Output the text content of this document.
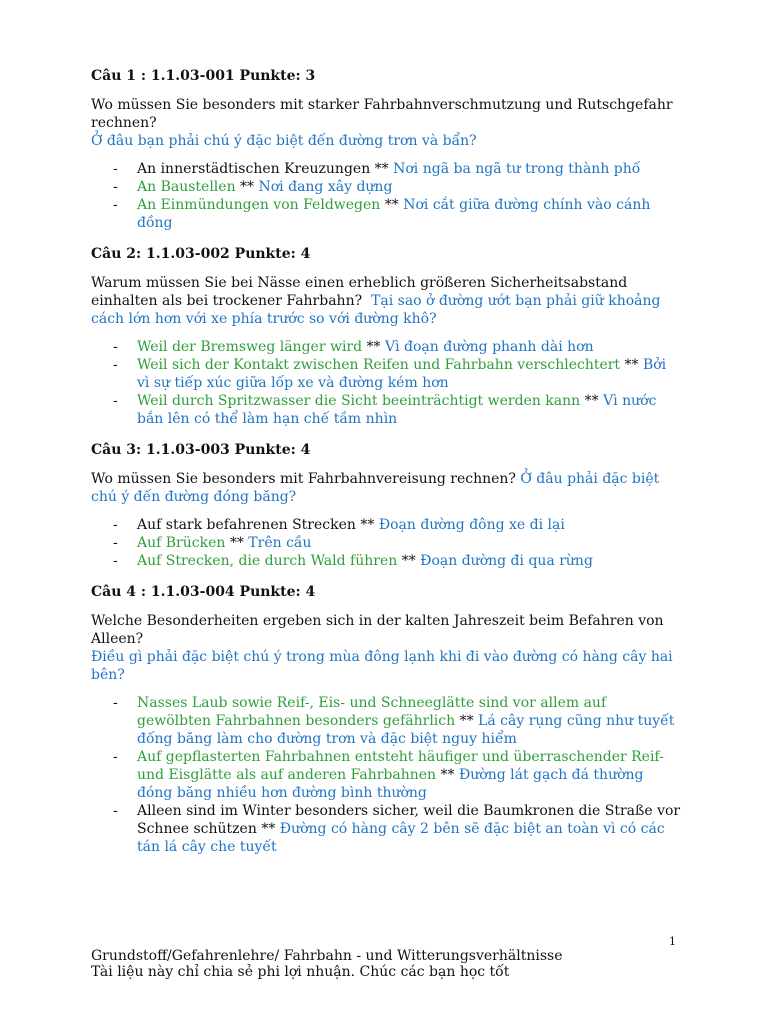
Câu 1 : 1.1.03-001 Punkte: 3

Wo müssen Sie besonders mit starker Fahrbahnverschmutzung und Rutschgefahr rechnen?
Ở đâu bạn phải chú ý đặc biệt đến đường trơn và bẩn?

- An innerstädtischen Kreuzungen ** Nơi ngã ba ngã tư trong thành phố
- An Baustellen ** Nơi đang xây dựng
- An Einmündungen von Feldwegen ** Nơi cắt giữa đường chính vào cánh đồng

Câu 2: 1.1.03-002 Punkte: 4

Warum müssen Sie bei Nässe einen erheblich größeren Sicherheitsabstand einhalten als bei trockener Fahrbahn? Tại sao ở đường ướt bạn phải giữ khoảng cách lớn hơn với xe phía trước so với đường khô?

- Weil der Bremsweg länger wird ** Vì đoạn đường phanh dài hơn
- Weil sich der Kontakt zwischen Reifen und Fahrbahn verschlechtert ** Bởi vì sự tiếp xúc giữa lốp xe và đường kém hơn
- Weil durch Spritzwasser die Sicht beeinträchtigt werden kann ** Vì nước bắn lên có thể làm hạn chế tầm nhìn

Câu 3: 1.1.03-003 Punkte: 4

Wo müssen Sie besonders mit Fahrbahnvereisung rechnen? Ở đâu phải đặc biệt chú ý đến đường đóng băng?

- Auf stark befahrenen Strecken ** Đoạn đường đông xe đi lại
- Auf Brücken ** Trên cầu
- Auf Strecken, die durch Wald führen ** Đoạn đường đi qua rừng

Câu 4 : 1.1.03-004 Punkte: 4

Welche Besonderheiten ergeben sich in der kalten Jahreszeit beim Befahren von Alleen?
Điều gì phải đặc biệt chú ý trong mùa đông lạnh khi đi vào đường có hàng cây hai bên?

- Nasses Laub sowie Reif-, Eis- und Schneeglätte sind vor allem auf gewölbten Fahrbahnen besonders gefährlich ** Lá cây rụng cũng như tuyết đống băng làm cho đường trơn và đặc biệt nguy hiểm
- Auf gepflasterten Fahrbahnen entsteht häufiger und überraschender Reif- und Eisglätte als auf anderen Fahrbahnen ** Đường lát gạch đá thường đóng băng nhiều hơn đường bình thường
- Alleen sind im Winter besonders sicher, weil die Baumkronen die Straße vor Schnee schützen ** Đường có hàng cây 2 bên sẽ đặc biệt an toàn vì có các tán lá cây che tuyết
1
Grundstoff/Gefahrenlehre/ Fahrbahn - und Witterungsverhältnisse
Tài liệu này chỉ chia sẻ phi lợi nhuận. Chúc các bạn học tốt
